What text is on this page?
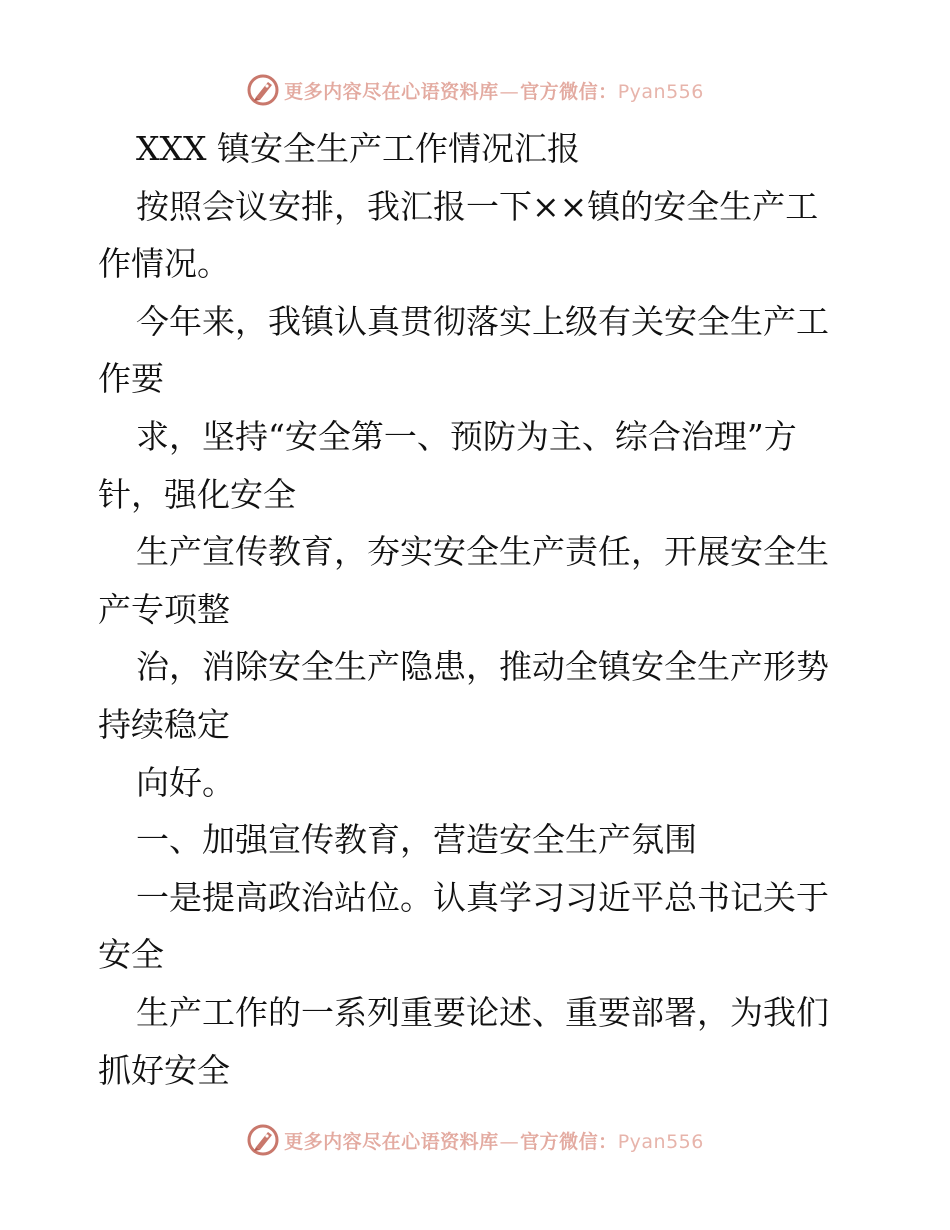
更多内容尽在心语资料库—官方微信：Pyan556
XXX 镇安全生产工作情况汇报
按照会议安排，我汇报一下××镇的安全生产工
作情况。
今年来，我镇认真贯彻落实上级有关安全生产工
作要
求，坚持“安全第一、预防为主、综合治理”方
针，强化安全
生产宣传教育，夯实安全生产责任，开展安全生
产专项整
治，消除安全生产隐患，推动全镇安全生产形势
持续稳定
向好。
一、加强宣传教育，营造安全生产氛围
一是提高政治站位。认真学习习近平总书记关于
安全
生产工作的一系列重要论述、重要部署，为我们
抓好安全
更多内容尽在心语资料库—官方微信：Pyan556
